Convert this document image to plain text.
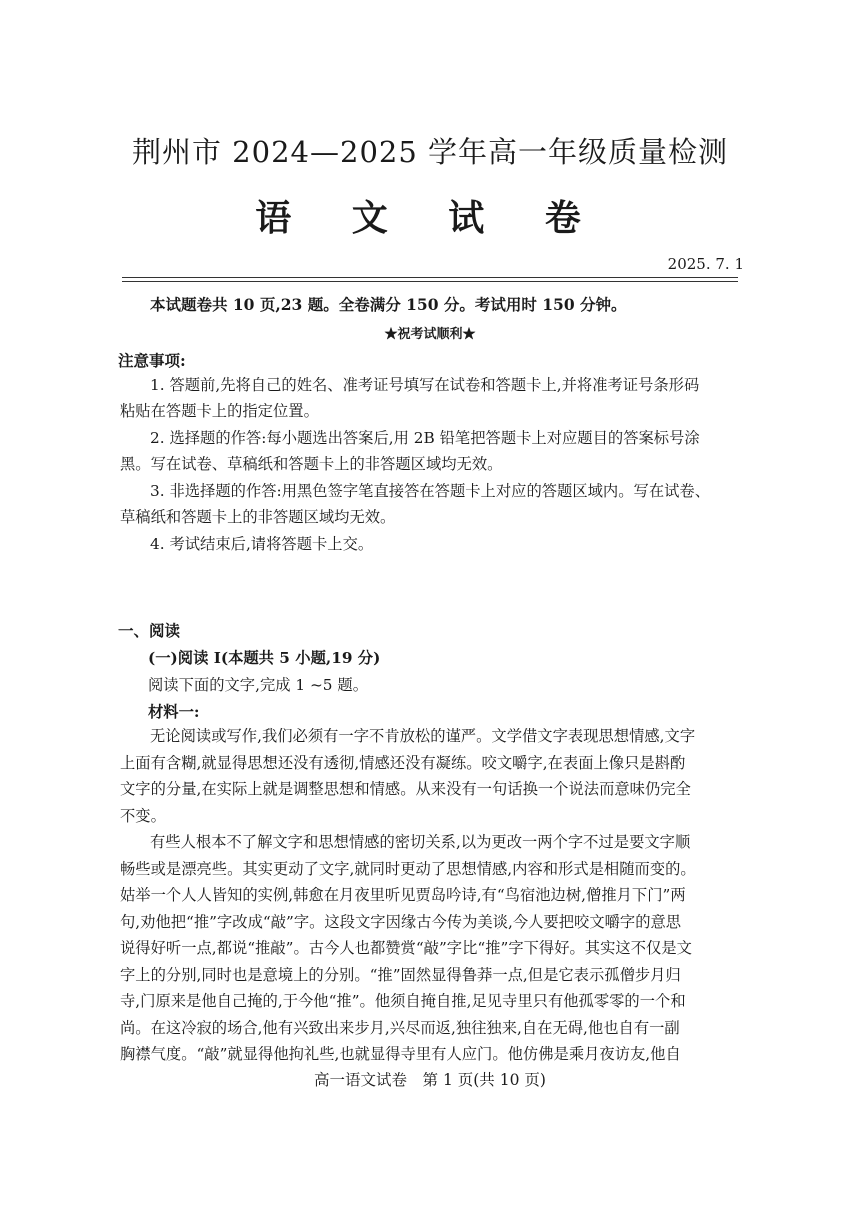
荆州市 2024—2025 学年高一年级质量检测
语 文 试 卷
2025. 7. 1
本试题卷共 10 页,23 题。全卷满分 150 分。考试用时 150 分钟。
★祝考试顺利★
注意事项:
1. 答题前,先将自己的姓名、准考证号填写在试卷和答题卡上,并将准考证号条形码
粘贴在答题卡上的指定位置。
2. 选择题的作答:每小题选出答案后,用 2B 铅笔把答题卡上对应题目的答案标号涂
黑。写在试卷、草稿纸和答题卡上的非答题区域均无效。
3. 非选择题的作答:用黑色签字笔直接答在答题卡上对应的答题区域内。写在试卷、
草稿纸和答题卡上的非答题区域均无效。
4. 考试结束后,请将答题卡上交。
一、阅读
(一)阅读 I(本题共 5 小题,19 分)
阅读下面的文字,完成 1 ~5 题。
材料一:
无论阅读或写作,我们必须有一字不肯放松的谨严。文学借文字表现思想情感,文字
上面有含糊,就显得思想还没有透彻,情感还没有凝练。咬文嚼字,在表面上像只是斟酌
文字的分量,在实际上就是调整思想和情感。从来没有一句话换一个说法而意味仍完全
不变。
有些人根本不了解文字和思想情感的密切关系,以为更改一两个字不过是要文字顺
畅些或是漂亮些。其实更动了文字,就同时更动了思想情感,内容和形式是相随而变的。
姑举一个人人皆知的实例,韩愈在月夜里听见贾岛吟诗,有“鸟宿池边树,僧推月下门”两
句,劝他把“推”字改成“敲”字。这段文字因缘古今传为美谈,今人要把咬文嚼字的意思
说得好听一点,都说“推敲”。古今人也都赞赏“敲”字比“推”字下得好。其实这不仅是文
字上的分别,同时也是意境上的分别。“推”固然显得鲁莽一点,但是它表示孤僧步月归
寺,门原来是他自己掩的,于今他“推”。他须自掩自推,足见寺里只有他孤零零的一个和
尚。在这冷寂的场合,他有兴致出来步月,兴尽而返,独往独来,自在无碍,他也自有一副
胸襟气度。“敲”就显得他拘礼些,也就显得寺里有人应门。他仿佛是乘月夜访友,他自
高一语文试卷　第 1 页(共 10 页)
